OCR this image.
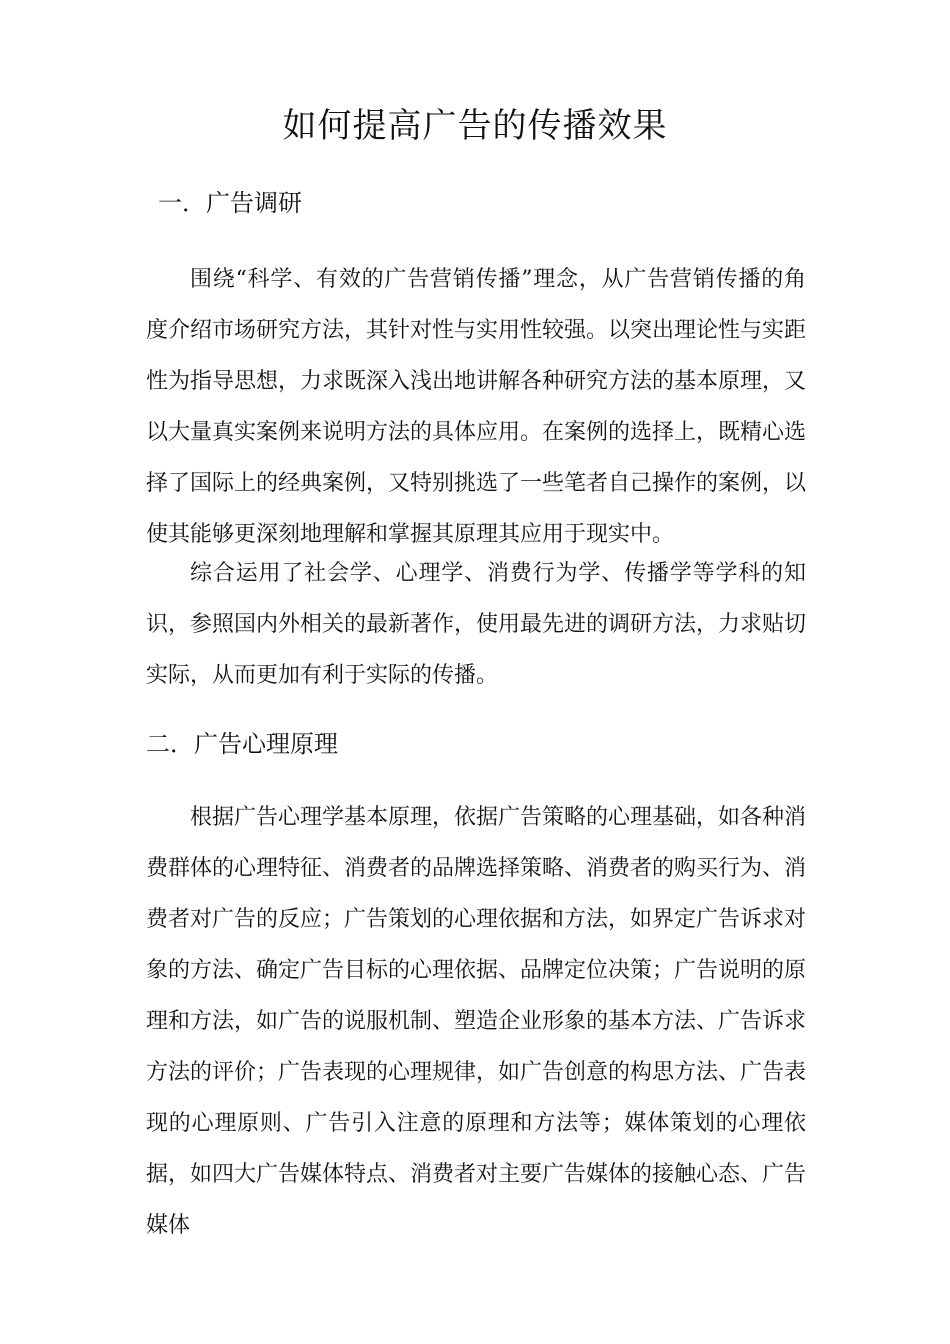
如何提高广告的传播效果
一．广告调研

围绕“科学、有效的广告营销传播”理念，从广告营销传播的角度介绍市场研究方法，其针对性与实用性较强。以突出理论性与实距性为指导思想，力求既深入浅出地讲解各种研究方法的基本原理，又以大量真实案例来说明方法的具体应用。在案例的选择上，既精心选择了国际上的经典案例，又特别挑选了一些笔者自己操作的案例，以使其能够更深刻地理解和掌握其原理其应用于现实中。

综合运用了社会学、心理学、消费行为学、传播学等学科的知识，参照国内外相关的最新著作，使用最先进的调研方法，力求贴切实际，从而更加有利于实际的传播。

二．广告心理原理

根据广告心理学基本原理，依据广告策略的心理基础，如各种消费群体的心理特征、消费者的品牌选择策略、消费者的购买行为、消费者对广告的反应；广告策划的心理依据和方法，如界定广告诉求对象的方法、确定广告目标的心理依据、品牌定位决策；广告说明的原理和方法，如广告的说服机制、塑造企业形象的基本方法、广告诉求方法的评价；广告表现的心理规律，如广告创意的构思方法、广告表现的心理原则、广告引入注意的原理和方法等；媒体策划的心理依据，如四大广告媒体特点、消费者对主要广告媒体的接触心态、广告媒体
